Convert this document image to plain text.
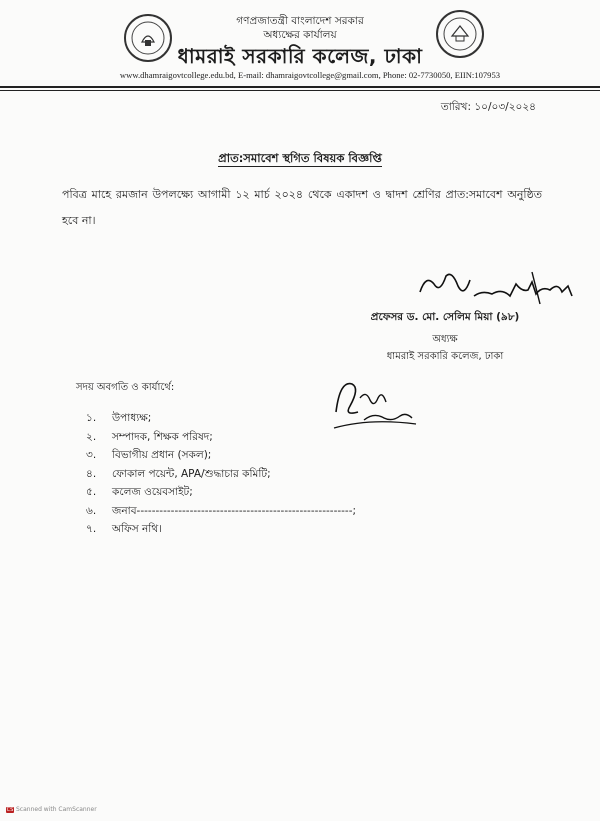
গণপ্রজাতন্ত্রী বাংলাদেশ সরকার
অধ্যক্ষের কার্যালয়
ধামরাই সরকারি কলেজ, ঢাকা
www.dhamraigovtcollege.edu.bd, E-mail: dhamraigovtcollege@gmail.com, Phone: 02-7730050, EIIN:107953
তারিখ: ১০/০৩/২০২৪
প্রাত:সমাবেশ স্থগিত বিষয়ক বিজ্ঞপ্তি
পবিত্র মাহে রমজান উপলক্ষ্যে আগামী ১২ মার্চ ২০২৪ থেকে একাদশ ও দ্বাদশ শ্রেণির প্রাত:সমাবেশ অনুষ্ঠিত হবে না।
প্রফেসর ড. মো. সেলিম মিয়া (৯৮)
অধ্যক্ষ
ধামরাই সরকারি কলেজ, ঢাকা
সদয় অবগতি ও কার্যার্থে:
১. উপাধ্যক্ষ;
২. সম্পাদক, শিক্ষক পরিষদ;
৩. বিভাগীয় প্রধান (সকল);
৪. ফোকাল পয়েন্ট, APA/শুদ্ধাচার কমিটি;
৫. কলেজ ওয়েবসাইট;
৬. জনাব---------------------------------------------------------;
৭. অফিস নথি।
CS Scanned with CamScanner
